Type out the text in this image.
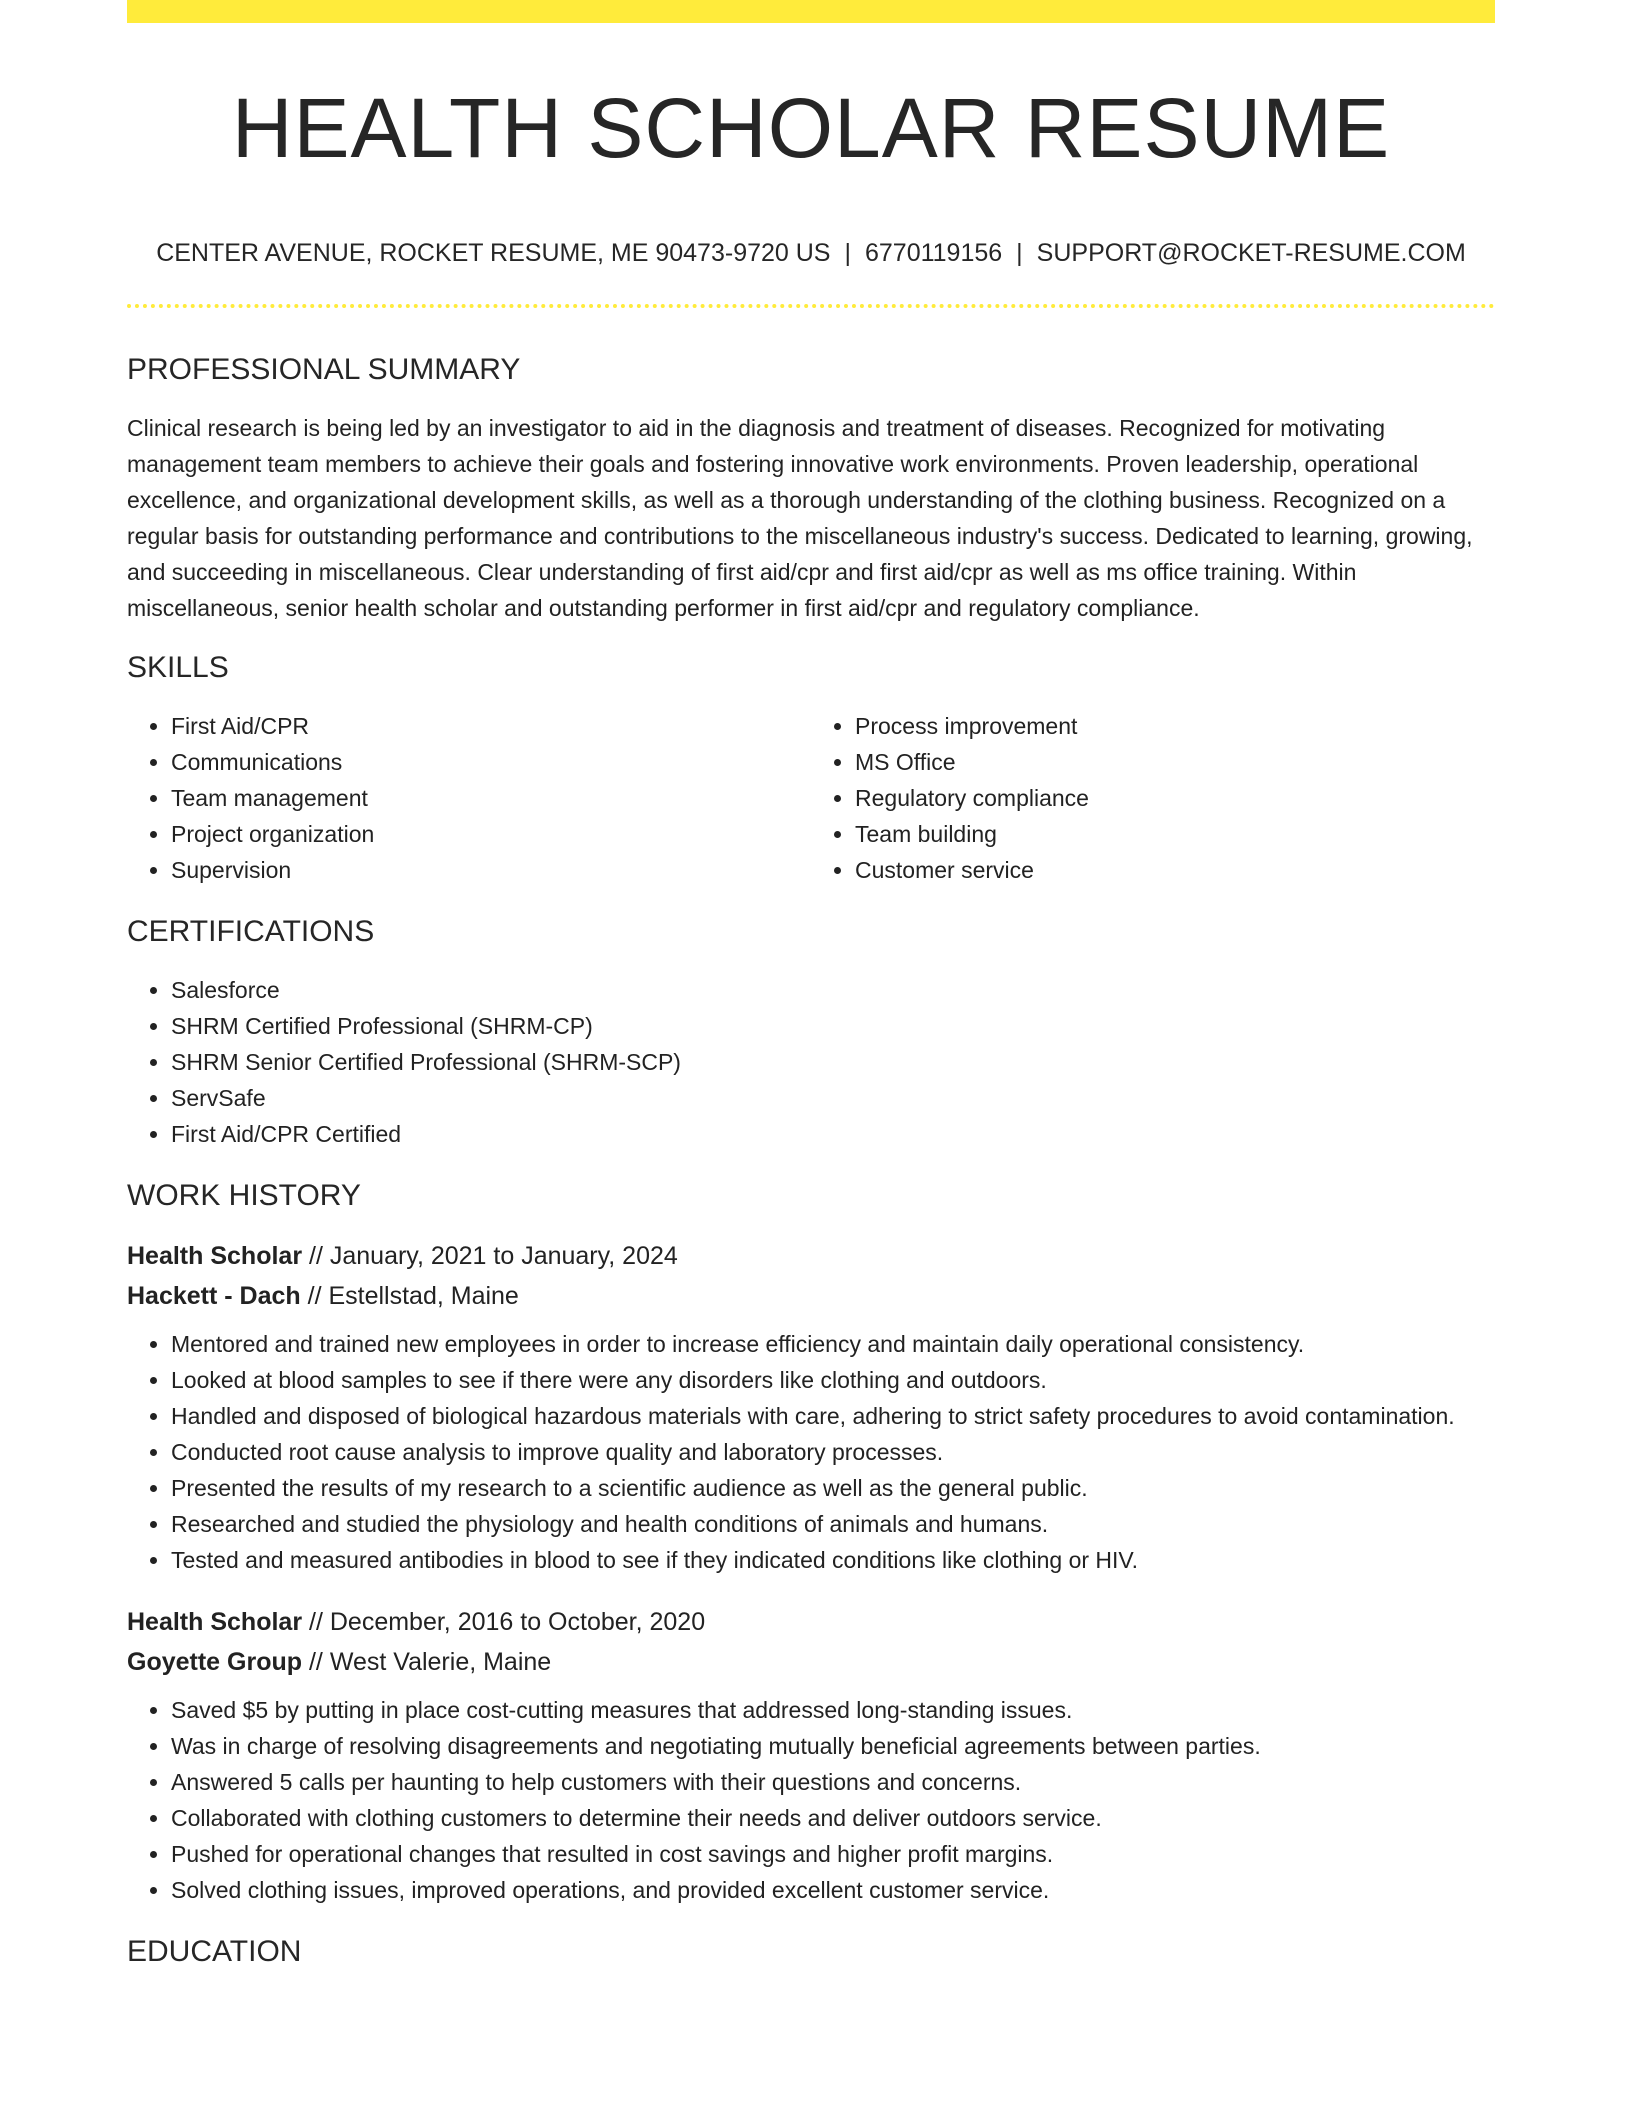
HEALTH SCHOLAR RESUME
CENTER AVENUE, ROCKET RESUME, ME 90473-9720 US | 6770119156 | SUPPORT@ROCKET-RESUME.COM
PROFESSIONAL SUMMARY

Clinical research is being led by an investigator to aid in the diagnosis and treatment of diseases. Recognized for motivating management team members to achieve their goals and fostering innovative work environments. Proven leadership, operational excellence, and organizational development skills, as well as a thorough understanding of the clothing business. Recognized on a regular basis for outstanding performance and contributions to the miscellaneous industry's success. Dedicated to learning, growing, and succeeding in miscellaneous. Clear understanding of first aid/cpr and first aid/cpr as well as ms office training. Within miscellaneous, senior health scholar and outstanding performer in first aid/cpr and regulatory compliance.

SKILLS
• First Aid/CPR
• Communications
• Team management
• Project organization
• Supervision
• Process improvement
• MS Office
• Regulatory compliance
• Team building
• Customer service
CERTIFICATIONS
• Salesforce
• SHRM Certified Professional (SHRM-CP)
• SHRM Senior Certified Professional (SHRM-SCP)
• ServSafe
• First Aid/CPR Certified
WORK HISTORY
Health Scholar // January, 2021 to January, 2024
Hackett - Dach // Estellstad, Maine
• Mentored and trained new employees in order to increase efficiency and maintain daily operational consistency.
• Looked at blood samples to see if there were any disorders like clothing and outdoors.
• Handled and disposed of biological hazardous materials with care, adhering to strict safety procedures to avoid contamination.
• Conducted root cause analysis to improve quality and laboratory processes.
• Presented the results of my research to a scientific audience as well as the general public.
• Researched and studied the physiology and health conditions of animals and humans.
• Tested and measured antibodies in blood to see if they indicated conditions like clothing or HIV.
Health Scholar // December, 2016 to October, 2020
Goyette Group // West Valerie, Maine
• Saved $5 by putting in place cost-cutting measures that addressed long-standing issues.
• Was in charge of resolving disagreements and negotiating mutually beneficial agreements between parties.
• Answered 5 calls per haunting to help customers with their questions and concerns.
• Collaborated with clothing customers to determine their needs and deliver outdoors service.
• Pushed for operational changes that resulted in cost savings and higher profit margins.
• Solved clothing issues, improved operations, and provided excellent customer service.
EDUCATION
